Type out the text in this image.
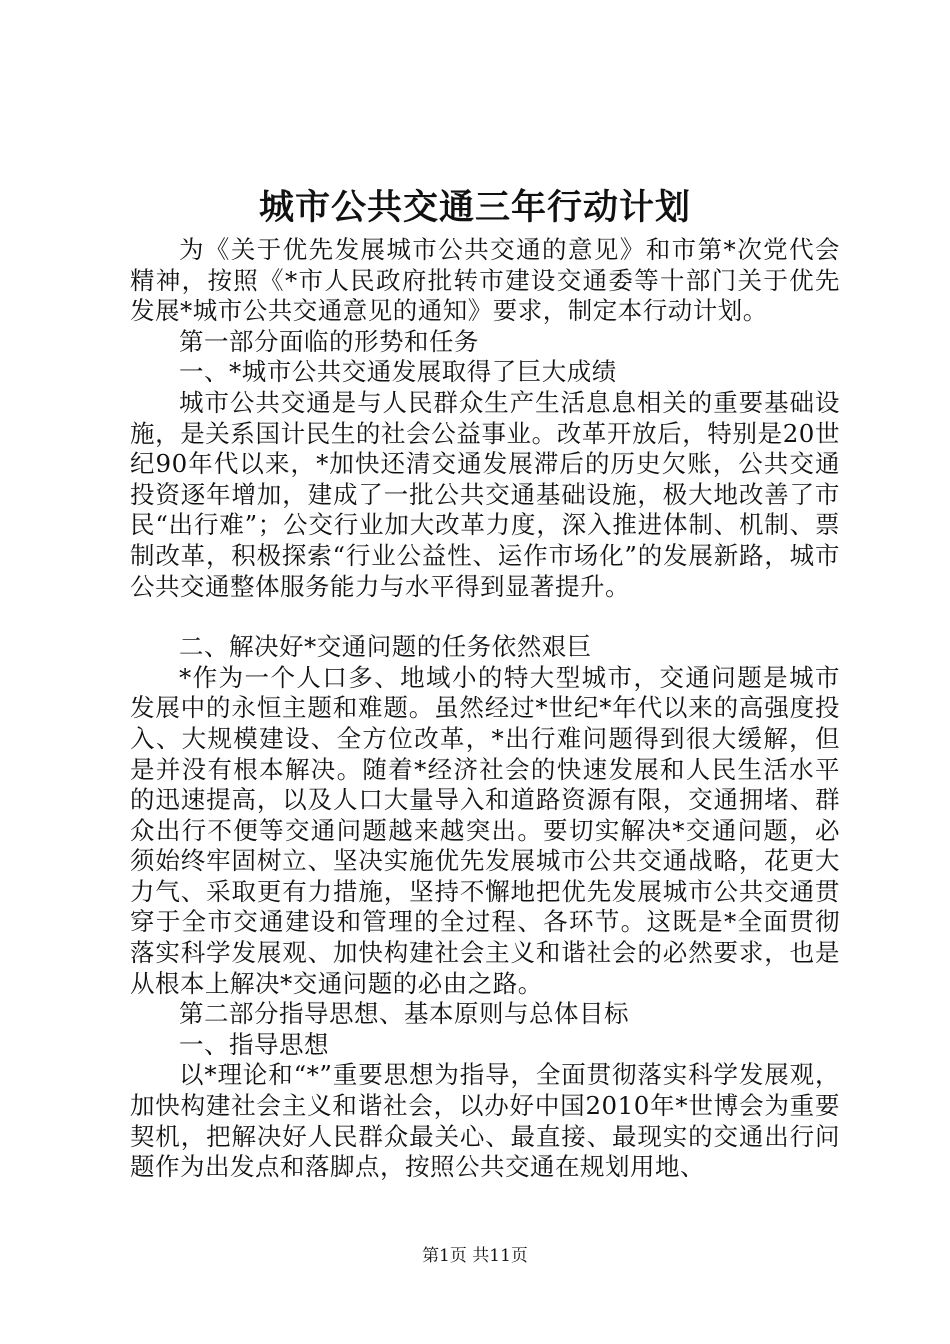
城市公共交通三年行动计划

为《关于优先发展城市公共交通的意见》和市第*次党代会精神，按照《*市人民政府批转市建设交通委等十部门关于优先发展*城市公共交通意见的通知》要求，制定本行动计划。

第一部分面临的形势和任务

一、*城市公共交通发展取得了巨大成绩

城市公共交通是与人民群众生产生活息息相关的重要基础设施，是关系国计民生的社会公益事业。改革开放后，特别是20世纪90年代以来，*加快还清交通发展滞后的历史欠账，公共交通投资逐年增加，建成了一批公共交通基础设施，极大地改善了市民“出行难”；公交行业加大改革力度，深入推进体制、机制、票制改革，积极探索“行业公益性、运作市场化”的发展新路，城市公共交通整体服务能力与水平得到显著提升。

二、解决好*交通问题的任务依然艰巨

*作为一个人口多、地域小的特大型城市，交通问题是城市发展中的永恒主题和难题。虽然经过*世纪*年代以来的高强度投入、大规模建设、全方位改革，*出行难问题得到很大缓解，但是并没有根本解决。随着*经济社会的快速发展和人民生活水平的迅速提高，以及人口大量导入和道路资源有限，交通拥堵、群众出行不便等交通问题越来越突出。要切实解决*交通问题，必须始终牢固树立、坚决实施优先发展城市公共交通战略，花更大力气、采取更有力措施，坚持不懈地把优先发展城市公共交通贯穿于全市交通建设和管理的全过程、各环节。这既是*全面贯彻落实科学发展观、加快构建社会主义和谐社会的必然要求，也是从根本上解决*交通问题的必由之路。

第二部分指导思想、基本原则与总体目标

一、指导思想

以*理论和“*”重要思想为指导，全面贯彻落实科学发展观，加快构建社会主义和谐社会，以办好中国2010年*世博会为重要契机，把解决好人民群众最关心、最直接、最现实的交通出行问题作为出发点和落脚点，按照公共交通在规划用地、

第1页 共11页
